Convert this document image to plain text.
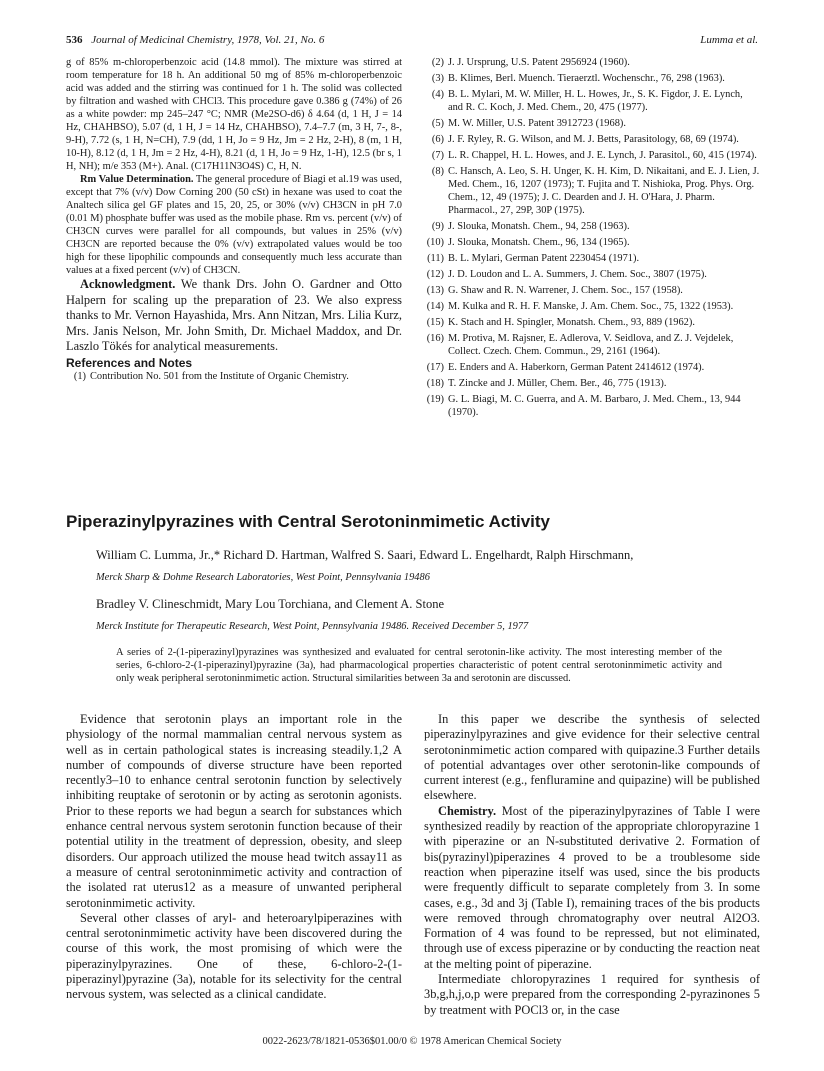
536 Journal of Medicinal Chemistry, 1978, Vol. 21, No. 6	Lumma et al.

g of 85% m-chloroperbenzoic acid (14.8 mmol). The mixture was stirred at room temperature for 18 h. An additional 50 mg of 85% m-chloroperbenzoic acid was added and the stirring was continued for 1 h. The solid was collected by filtration and washed with CHCl3. This procedure gave 0.386 g (74%) of 26 as a white powder: mp 245–247 °C; NMR (Me2SO-d6) δ 4.64 (d, 1 H, J = 14 Hz, CHAHBSO), 5.07 (d, 1 H, J = 14 Hz, CHAHBSO), 7.4–7.7 (m, 3 H, 7-, 8-, 9-H), 7.72 (s, 1 H, N=CH), 7.9 (dd, 1 H, Jo = 9 Hz, Jm = 2 Hz, 2-H), 8 (m, 1 H, 10-H), 8.12 (d, 1 H, Jm = 2 Hz, 4-H), 8.21 (d, 1 H, Jo = 9 Hz, 1-H), 12.5 (br s, 1 H, NH); m/e 353 (M+). Anal. (C17H11N3O4S) C, H, N.

Rm Value Determination. The general procedure of Biagi et al.19 was used, except that 7% (v/v) Dow Corning 200 (50 cSt) in hexane was used to coat the Analtech silica gel GF plates and 15, 20, 25, or 30% (v/v) CH3CN in pH 7.0 (0.01 M) phosphate buffer was used as the mobile phase. Rm vs. percent (v/v) of CH3CN curves were parallel for all compounds, but values in 25% (v/v) CH3CN are reported because the 0% (v/v) extrapolated values would be too high for these lipophilic compounds and consequently much less accurate than values at a fixed percent (v/v) of CH3CN.

Acknowledgment. We thank Drs. John O. Gardner and Otto Halpern for scaling up the preparation of 23. We also express thanks to Mr. Vernon Hayashida, Mrs. Ann Nitzan, Mrs. Lilia Kurz, Mrs. Janis Nelson, Mr. John Smith, Dr. Michael Maddox, and Dr. Laszlo Tökés for analytical measurements.

References and Notes
(1) Contribution No. 501 from the Institute of Organic Chemistry.
(2) J. J. Ursprung, U.S. Patent 2956924 (1960).
(3) B. Klimes, Berl. Muench. Tieraerztl. Wochenschr., 76, 298 (1963).
(4) B. L. Mylari, M. W. Miller, H. L. Howes, Jr., S. K. Figdor, J. E. Lynch, and R. C. Koch, J. Med. Chem., 20, 475 (1977).
(5) M. W. Miller, U.S. Patent 3912723 (1968).
(6) J. F. Ryley, R. G. Wilson, and M. J. Betts, Parasitology, 68, 69 (1974).
(7) L. R. Chappel, H. L. Howes, and J. E. Lynch, J. Parasitol., 60, 415 (1974).
(8) C. Hansch, A. Leo, S. H. Unger, K. H. Kim, D. Nikaitani, and E. J. Lien, J. Med. Chem., 16, 1207 (1973); T. Fujita and T. Nishioka, Prog. Phys. Org. Chem., 12, 49 (1975); J. C. Dearden and J. H. O'Hara, J. Pharm. Pharmacol., 27, 29P, 30P (1975).
(9) J. Slouka, Monatsh. Chem., 94, 258 (1963).
(10) J. Slouka, Monatsh. Chem., 96, 134 (1965).
(11) B. L. Mylari, German Patent 2230454 (1971).
(12) J. D. Loudon and L. A. Summers, J. Chem. Soc., 3807 (1975).
(13) G. Shaw and R. N. Warrener, J. Chem. Soc., 157 (1958).
(14) M. Kulka and R. H. F. Manske, J. Am. Chem. Soc., 75, 1322 (1953).
(15) K. Stach and H. Spingler, Monatsh. Chem., 93, 889 (1962).
(16) M. Protiva, M. Rajsner, E. Adlerova, V. Seidlova, and Z. J. Vejdelek, Collect. Czech. Chem. Commun., 29, 2161 (1964).
(17) E. Enders and A. Haberkorn, German Patent 2414612 (1974).
(18) T. Zincke and J. Müller, Chem. Ber., 46, 775 (1913).
(19) G. L. Biagi, M. C. Guerra, and A. M. Barbaro, J. Med. Chem., 13, 944 (1970).
Piperazinylpyrazines with Central Serotoninmimetic Activity
William C. Lumma, Jr.,* Richard D. Hartman, Walfred S. Saari, Edward L. Engelhardt, Ralph Hirschmann,
Merck Sharp & Dohme Research Laboratories, West Point, Pennsylvania 19486
Bradley V. Clineschmidt, Mary Lou Torchiana, and Clement A. Stone
Merck Institute for Therapeutic Research, West Point, Pennsylvania 19486. Received December 5, 1977
A series of 2-(1-piperazinyl)pyrazines was synthesized and evaluated for central serotonin-like activity. The most interesting member of the series, 6-chloro-2-(1-piperazinyl)pyrazine (3a), had pharmacological properties characteristic of potent central serotoninmimetic activity and only weak peripheral serotoninmimetic action. Structural similarities between 3a and serotonin are discussed.

Evidence that serotonin plays an important role in the physiology of the normal mammalian central nervous system as well as in certain pathological states is increasing steadily.1,2 A number of compounds of diverse structure have been reported recently3–10 to enhance central serotonin function by selectively inhibiting reuptake of serotonin or by acting as serotonin agonists. Prior to these reports we had begun a search for substances which enhance central nervous system serotonin function because of their potential utility in the treatment of depression, obesity, and sleep disorders. Our approach utilized the mouse head twitch assay11 as a measure of central serotoninmimetic activity and contraction of the isolated rat uterus12 as a measure of unwanted peripheral serotoninmimetic activity.

Several other classes of aryl- and heteroarylpiperazines with central serotoninmimetic activity have been discovered during the course of this work, the most promising of which were the piperazinylpyrazines. One of these, 6-chloro-2-(1-piperazinyl)pyrazine (3a), notable for its selectivity for the central nervous system, was selected as a clinical candidate.

In this paper we describe the synthesis of selected piperazinylpyrazines and give evidence for their selective central serotoninmimetic action compared with quipazine.3 Further details of potential advantages over other serotonin-like compounds of current interest (e.g., fenfluramine and quipazine) will be published elsewhere.

Chemistry. Most of the piperazinylpyrazines of Table I were synthesized readily by reaction of the appropriate chloropyrazine 1 with piperazine or an N-substituted derivative 2. Formation of bis(pyrazinyl)piperazines 4 proved to be a troublesome side reaction when piperazine itself was used, since the bis products were frequently difficult to separate completely from 3. In some cases, e.g., 3d and 3j (Table I), remaining traces of the bis products were removed through chromatography over neutral Al2O3. Formation of 4 was found to be repressed, but not eliminated, through use of excess piperazine or by conducting the reaction neat at the melting point of piperazine.

Intermediate chloropyrazines 1 required for synthesis of 3b,g,h,j,o,p were prepared from the corresponding 2-pyrazinones 5 by treatment with POCl3 or, in the case

0022-2623/78/1821-0536$01.00/0 © 1978 American Chemical Society
